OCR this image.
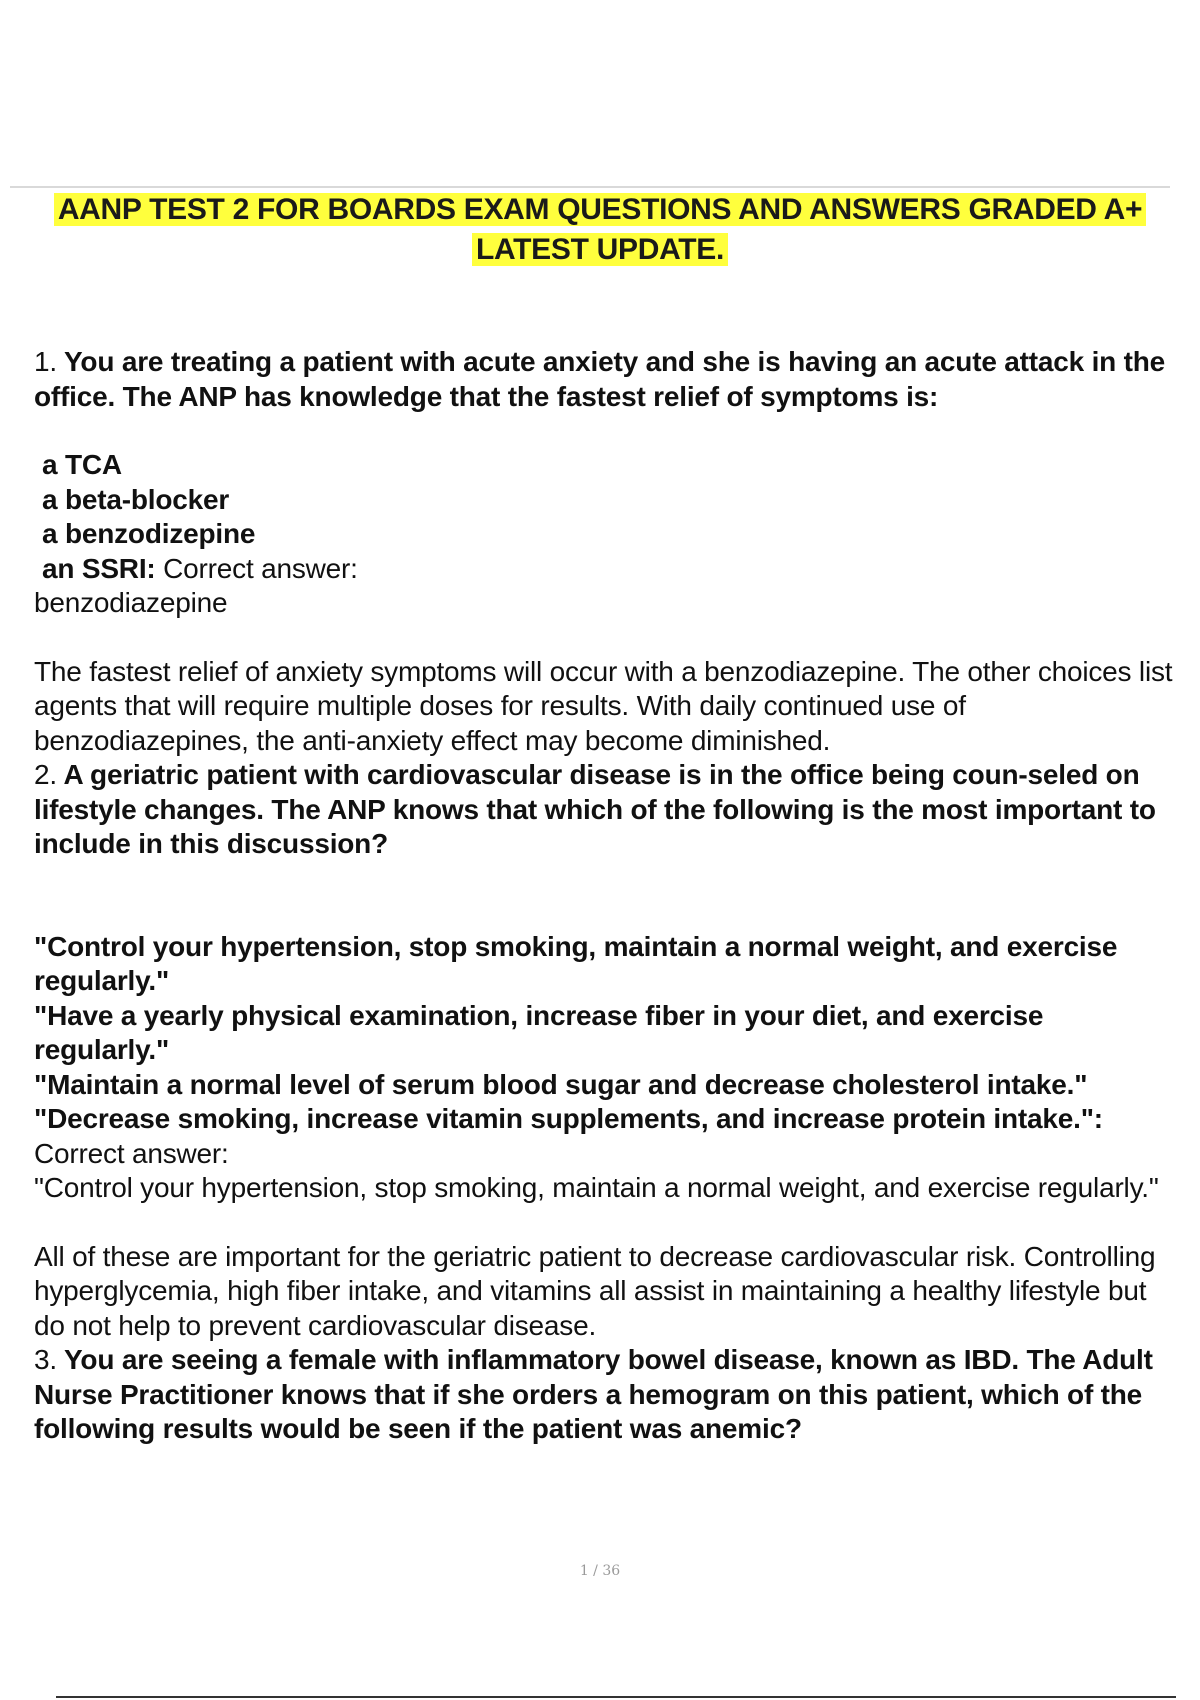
AANP TEST 2 FOR BOARDS EXAM QUESTIONS AND ANSWERS GRADED A+
LATEST UPDATE.

1. You are treating a patient with acute anxiety and she is having an acute attack in the office. The ANP has knowledge that the fastest relief of symptoms is:

a TCA

a beta-blocker

a benzodizepine

an SSRI: Correct answer:

benzodiazepine

The fastest relief of anxiety symptoms will occur with a benzodiazepine. The other choices list agents that will require multiple doses for results. With daily continued use of benzodiazepines, the anti-anxiety effect may become diminished.

2. A geriatric patient with cardiovascular disease is in the office being coun-seled on lifestyle changes. The ANP knows that which of the following is the most important to include in this discussion?

"Control your hypertension, stop smoking, maintain a normal weight, and exercise regularly."

"Have a yearly physical examination, increase fiber in your diet, and exercise regularly."

"Maintain a normal level of serum blood sugar and decrease cholesterol intake."

"Decrease smoking, increase vitamin supplements, and increase protein intake.": Correct answer:

"Control your hypertension, stop smoking, maintain a normal weight, and exercise regularly."

All of these are important for the geriatric patient to decrease cardiovascular risk. Controlling hyperglycemia, high fiber intake, and vitamins all assist in maintaining a healthy lifestyle but do not help to prevent cardiovascular disease.

3. You are seeing a female with inflammatory bowel disease, known as IBD. The Adult Nurse Practitioner knows that if she orders a hemogram on this patient, which of the following results would be seen if the patient was anemic?

1 / 36
